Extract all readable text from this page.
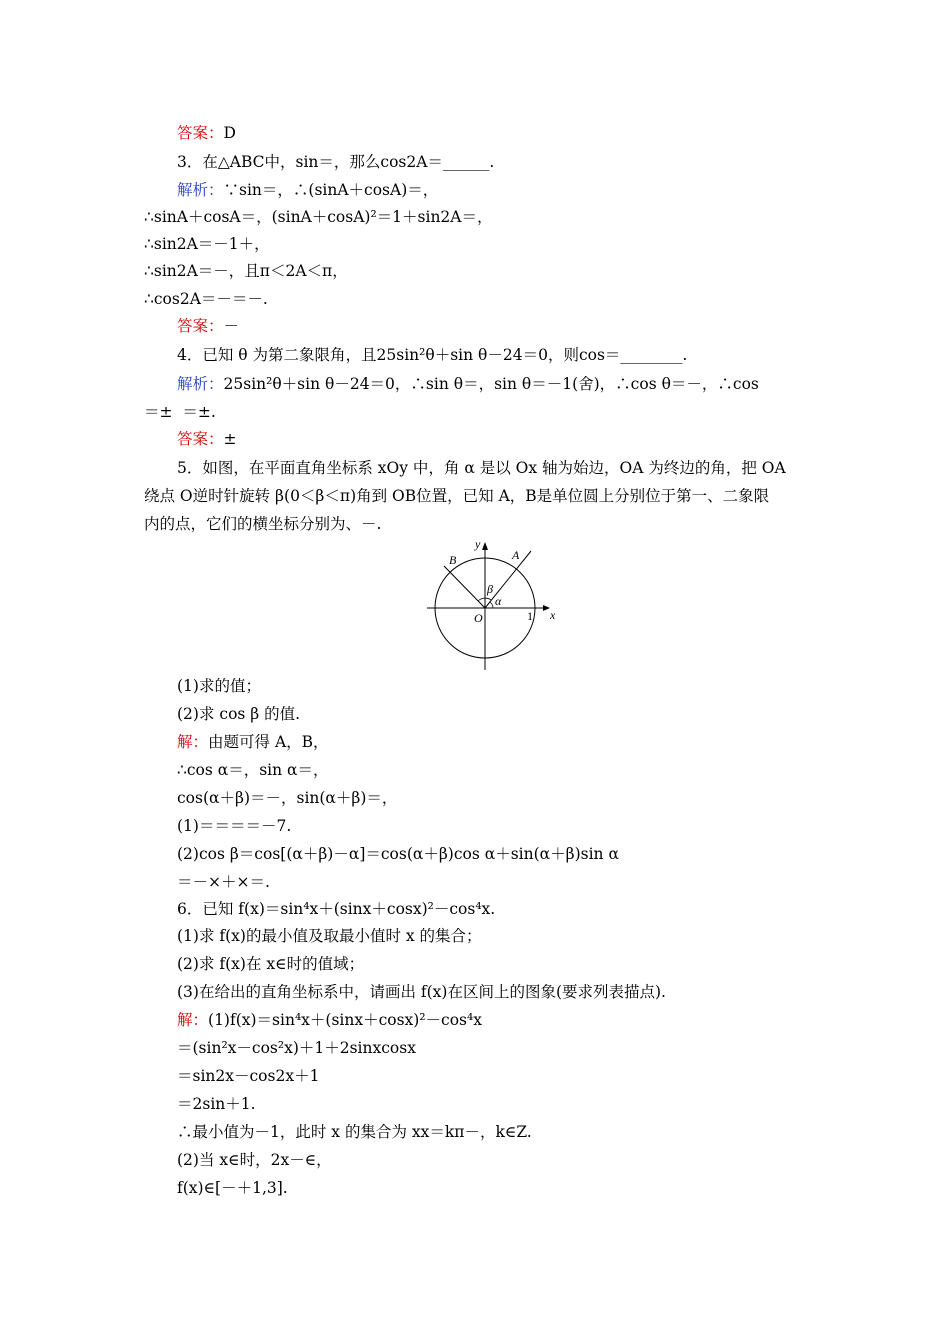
答案：D
3．在△ABC中，sin＝，那么cos2A＝______.
解析：∵sin＝，∴(sinA＋cosA)＝，
∴sinA＋cosA＝，(sinA＋cosA)²＝1＋sin2A＝，
∴sin2A＝－1＋，
∴sin2A＝－，且π＜2A＜π，
∴cos2A＝－＝－.
答案：－
4．已知 θ 为第二象限角，且25sin²θ＋sin θ－24＝0，则cos＝________.
解析：25sin²θ＋sin θ－24＝0，∴sin θ＝，sin θ＝－1(舍)，∴cos θ＝－，∴cos
＝±  ＝±.
答案：±
5．如图，在平面直角坐标系 xOy 中，角 α 是以 Ox 轴为始边，OA 为终边的角，把 OA
绕点 O逆时针旋转 β(0＜β＜π)角到 OB位置，已知 A，B是单位圆上分别位于第一、二象限
内的点，它们的横坐标分别为、－.
y
x
A
B
O	1
α
β
(1)求的值；
(2)求 cos β 的值.
解：由题可得 A，B，
∴cos α＝，sin α＝，
cos(α＋β)＝－，sin(α＋β)＝，
(1)＝＝＝＝－7.
(2)cos β＝cos[(α＋β)－α]＝cos(α＋β)cos α＋sin(α＋β)sin α
＝－×＋×＝.
6．已知 f(x)＝sin⁴x＋(sinx＋cosx)²－cos⁴x.
(1)求 f(x)的最小值及取最小值时 x 的集合；
(2)求 f(x)在 x∈时的值域；
(3)在给出的直角坐标系中，请画出 f(x)在区间上的图象(要求列表描点).
解：(1)f(x)＝sin⁴x＋(sinx＋cosx)²－cos⁴x
＝(sin²x－cos²x)＋1＋2sinxcosx
＝sin2x－cos2x＋1
＝2sin＋1.
∴最小值为－1，此时 x 的集合为 xx＝kπ－，k∈Z.
(2)当 x∈时，2x－∈，
f(x)∈[－＋1,3].
